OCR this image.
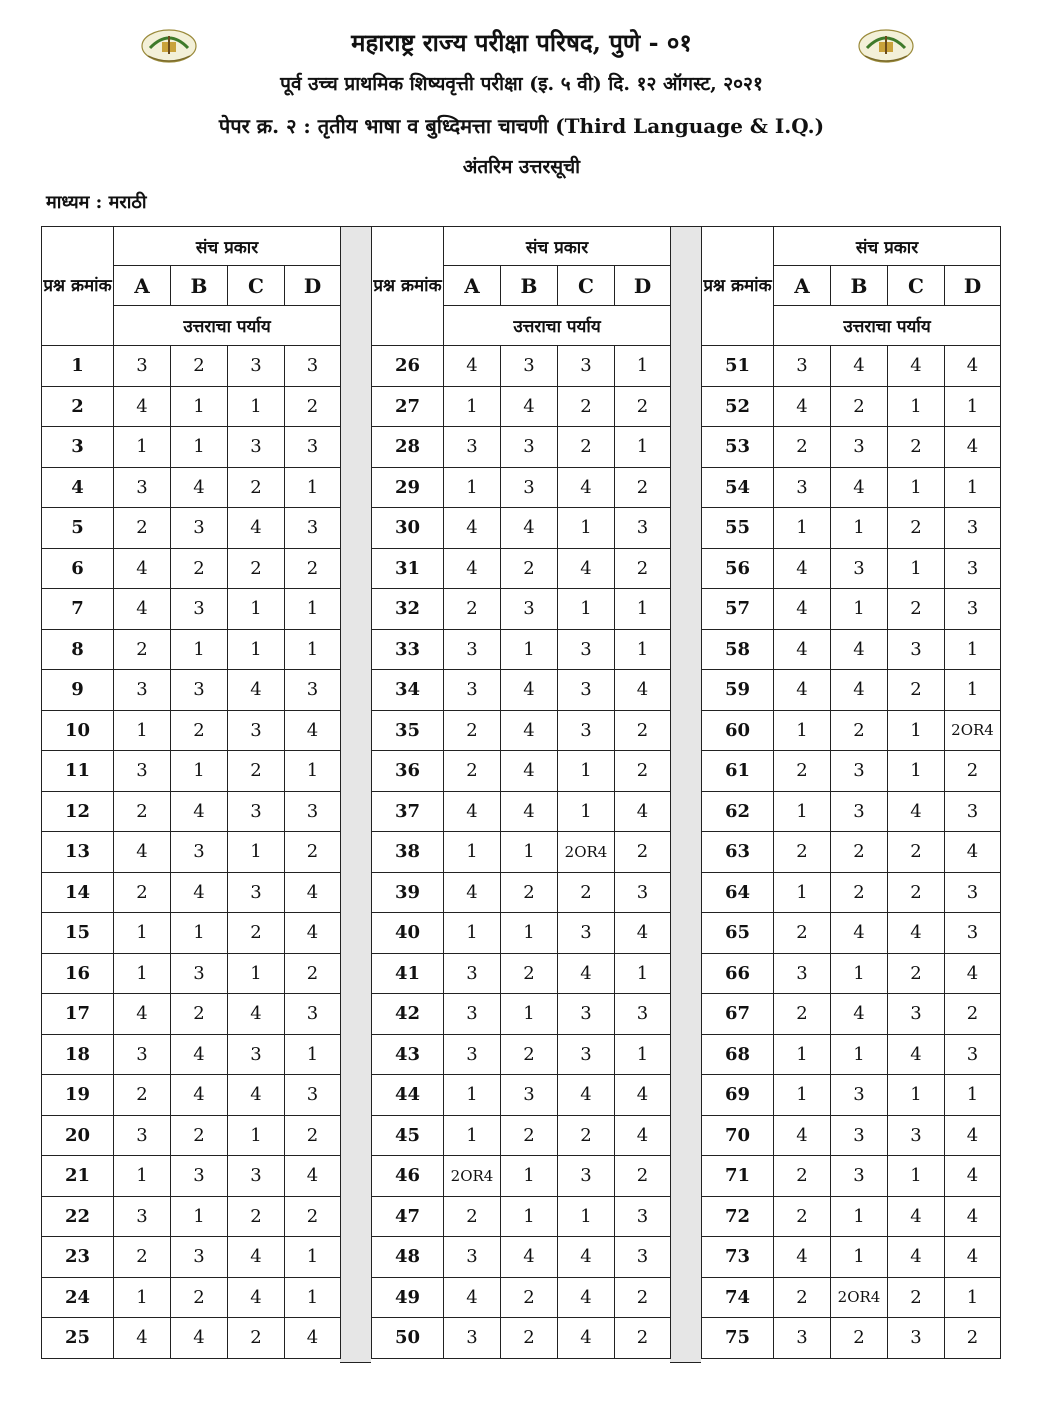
महाराष्ट्र राज्य परीक्षा परिषद, पुणे - ०१
पूर्व उच्च प्राथमिक शिष्यवृत्ती परीक्षा (इ. ५ वी) दि. १२ ऑगस्ट, २०२१
पेपर क्र. २ : तृतीय भाषा व बुध्दिमत्ता चाचणी (Third Language & I.Q.)
अंतरिम उत्तरसूची
माध्यम : मराठी
प्रश्न क्रमांक	संच प्रकार			
	A	B	C	D
	उत्तराचा पर्याय			
1	3	2	3	3
2	4	1	1	2
3	1	1	3	3
4	3	4	2	1
5	2	3	4	3
6	4	2	2	2
7	4	3	1	1
8	2	1	1	1
9	3	3	4	3
10	1	2	3	4
11	3	1	2	1
12	2	4	3	3
13	4	3	1	2
14	2	4	3	4
15	1	1	2	4
16	1	3	1	2
17	4	2	4	3
18	3	4	3	1
19	2	4	4	3
20	3	2	1	2
21	1	3	3	4
22	3	1	2	2
23	2	3	4	1
24	1	2	4	1
25	4	4	2	4
प्रश्न क्रमांक	संच प्रकार			
	A	B	C	D
	उत्तराचा पर्याय			
26	4	3	3	1
27	1	4	2	2
28	3	3	2	1
29	1	3	4	2
30	4	4	1	3
31	4	2	4	2
32	2	3	1	1
33	3	1	3	1
34	3	4	3	4
35	2	4	3	2
36	2	4	1	2
37	4	4	1	4
38	1	1	2OR4	2
39	4	2	2	3
40	1	1	3	4
41	3	2	4	1
42	3	1	3	3
43	3	2	3	1
44	1	3	4	4
45	1	2	2	4
46	2OR4	1	3	2
47	2	1	1	3
48	3	4	4	3
49	4	2	4	2
50	3	2	4	2
प्रश्न क्रमांक	संच प्रकार			
	A	B	C	D
	उत्तराचा पर्याय			
51	3	4	4	4
52	4	2	1	1
53	2	3	2	4
54	3	4	1	1
55	1	1	2	3
56	4	3	1	3
57	4	1	2	3
58	4	4	3	1
59	4	4	2	1
60	1	2	1	2OR4
61	2	3	1	2
62	1	3	4	3
63	2	2	2	4
64	1	2	2	3
65	2	4	4	3
66	3	1	2	4
67	2	4	3	2
68	1	1	4	3
69	1	3	1	1
70	4	3	3	4
71	2	3	1	4
72	2	1	4	4
73	4	1	4	4
74	2	2OR4	2	1
75	3	2	3	2
